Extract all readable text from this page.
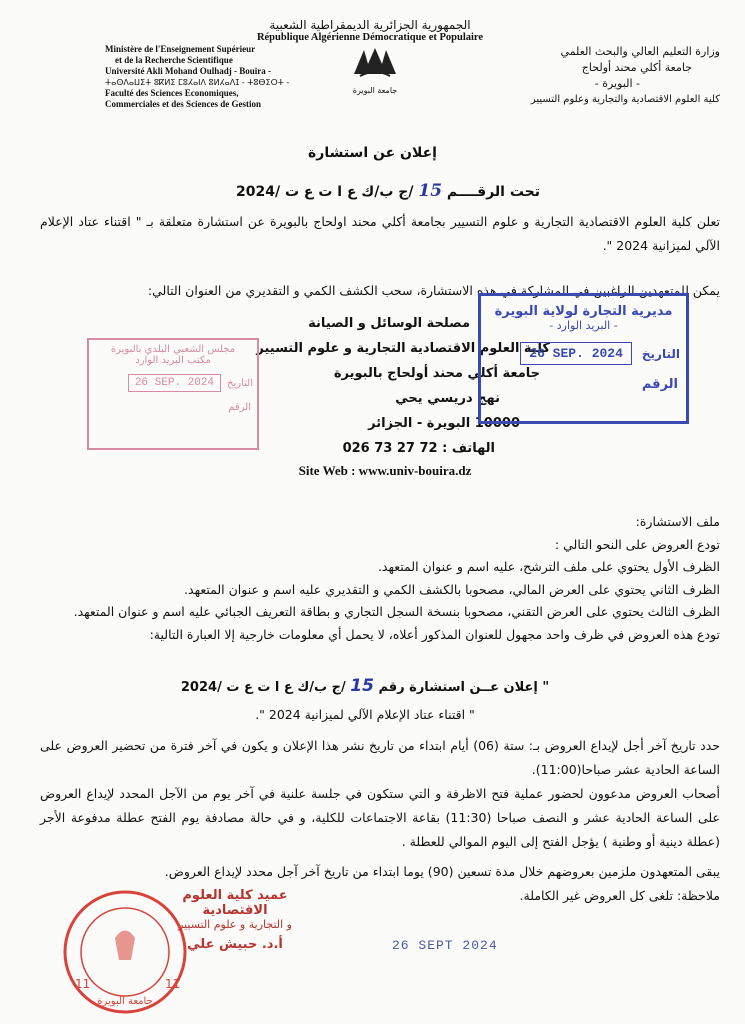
الجمهورية الجزائرية الديمقراطية الشعبية
République Algérienne Démocratique et Populaire
Ministère de l'Enseignement Supérieur
et de la Recherche Scientifique
Université Akli Mohand Oulhadj - Bouira -
ⵜⴰⵙⴷⴰⵡⵉⵜ ⵓⴽⵍⵉ ⵎⵓⵃⴰⵏⴷ ⵓⵍⵃⴰⴷⵊ - ⵜⵓⴱⵉⵔⵜ -
Faculté des Sciences Economiques,
Commerciales et des Sciences de Gestion
جامعة البويرة
وزارة التعليم العالي والبحث العلمي
جامعة أكلي محند أولحاج
- البويرة -
كلية العلوم الاقتصادية والتجارية وعلوم التسيير
إعلان عن استشارة
تحت الرقــــم 15 /ج ب/ك ع ا ت ع ت /2024
تعلن كلية العلوم الاقتصادية التجارية و علوم التسيير بجامعة أكلي محند اولحاج بالبويرة عن استشارة متعلقة بـ " اقتناء عتاد الإعلام الآلي لميزانية 2024 ".
يمكن للمتعهدين الراغبين في المشاركة في هذه الاستشارة، سحب الكشف الكمي و التقديري من العنوان التالي:
مصلحة الوسائل و الصيانة
كلية العلوم الاقتصادية التجارية و علوم التسيير
جامعة أكلي محند أولحاج بالبويرة
نهج دريسي يحي
10000 البويرة - الجزائر
الهاتف : 72 27 73 026
Site Web : www.univ-bouira.dz
مديرية التجارة لولاية البويرة
- البريد الوارد -
التاريخ
26 SEP. 2024
الرقم
مجلس الشعبي البلدي بالبويرة
مكتب البريد الوارد
التاريخ
26 SEP. 2024
الرقم
ملف الاستشارة:
تودع العروض على النحو التالي :
الظرف الأول يحتوي على ملف الترشح، عليه اسم و عنوان المتعهد.
الظرف الثاني يحتوي على العرض المالي، مصحوبا بالكشف الكمي و التقديري عليه اسم و عنوان المتعهد.
الظرف الثالث يحتوي على العرض التقني، مصحوبا بنسخة السجل التجاري و بطاقة التعريف الجبائي عليه اسم و عنوان المتعهد.
تودع هذه العروض في ظرف واحد مجهول للعنوان المذكور أعلاه، لا يحمل أي معلومات خارجية إلا العبارة التالية:
" إعلان عــن استشارة رقم 15 /ج ب/ك ع ا ت ع ت /2024
" اقتناء عتاد الإعلام الآلي لميزانية 2024 ".
حدد تاريخ آخر أجل لإيداع العروض بـ: ستة (06) أيام ابتداء من تاريخ نشر هذا الإعلان و يكون في آخر فترة من تحضير العروض على الساعة الحادية عشر صباحا(11:00).
أصحاب العروض مدعوون لحضور عملية فتح الاظرفة و التي ستكون في جلسة علنية في آخر يوم من الآجل المحدد لإيداع العروض على الساعة الحادية عشر و النصف صباحا (11:30) بقاعة الاجتماعات للكلية، و في حالة مصادفة يوم الفتح عطلة مدفوعة الأجر (عطلة دينية أو وطنية ) يؤجل الفتح إلى اليوم الموالي للعطلة .
يبقى المتعهدون ملزمين بعروضهم خلال مدة تسعين (90) يوما ابتداء من تاريخ آخر آجل محدد لإيداع العروض.
ملاحظة: تلغى كل العروض غير الكاملة.
11	11
جامعة البويرة
عميد كلية العلوم الاقتصادية
و التجارية و علوم التسيير
أ.د. حبيش علي	26 SEPT 2024
